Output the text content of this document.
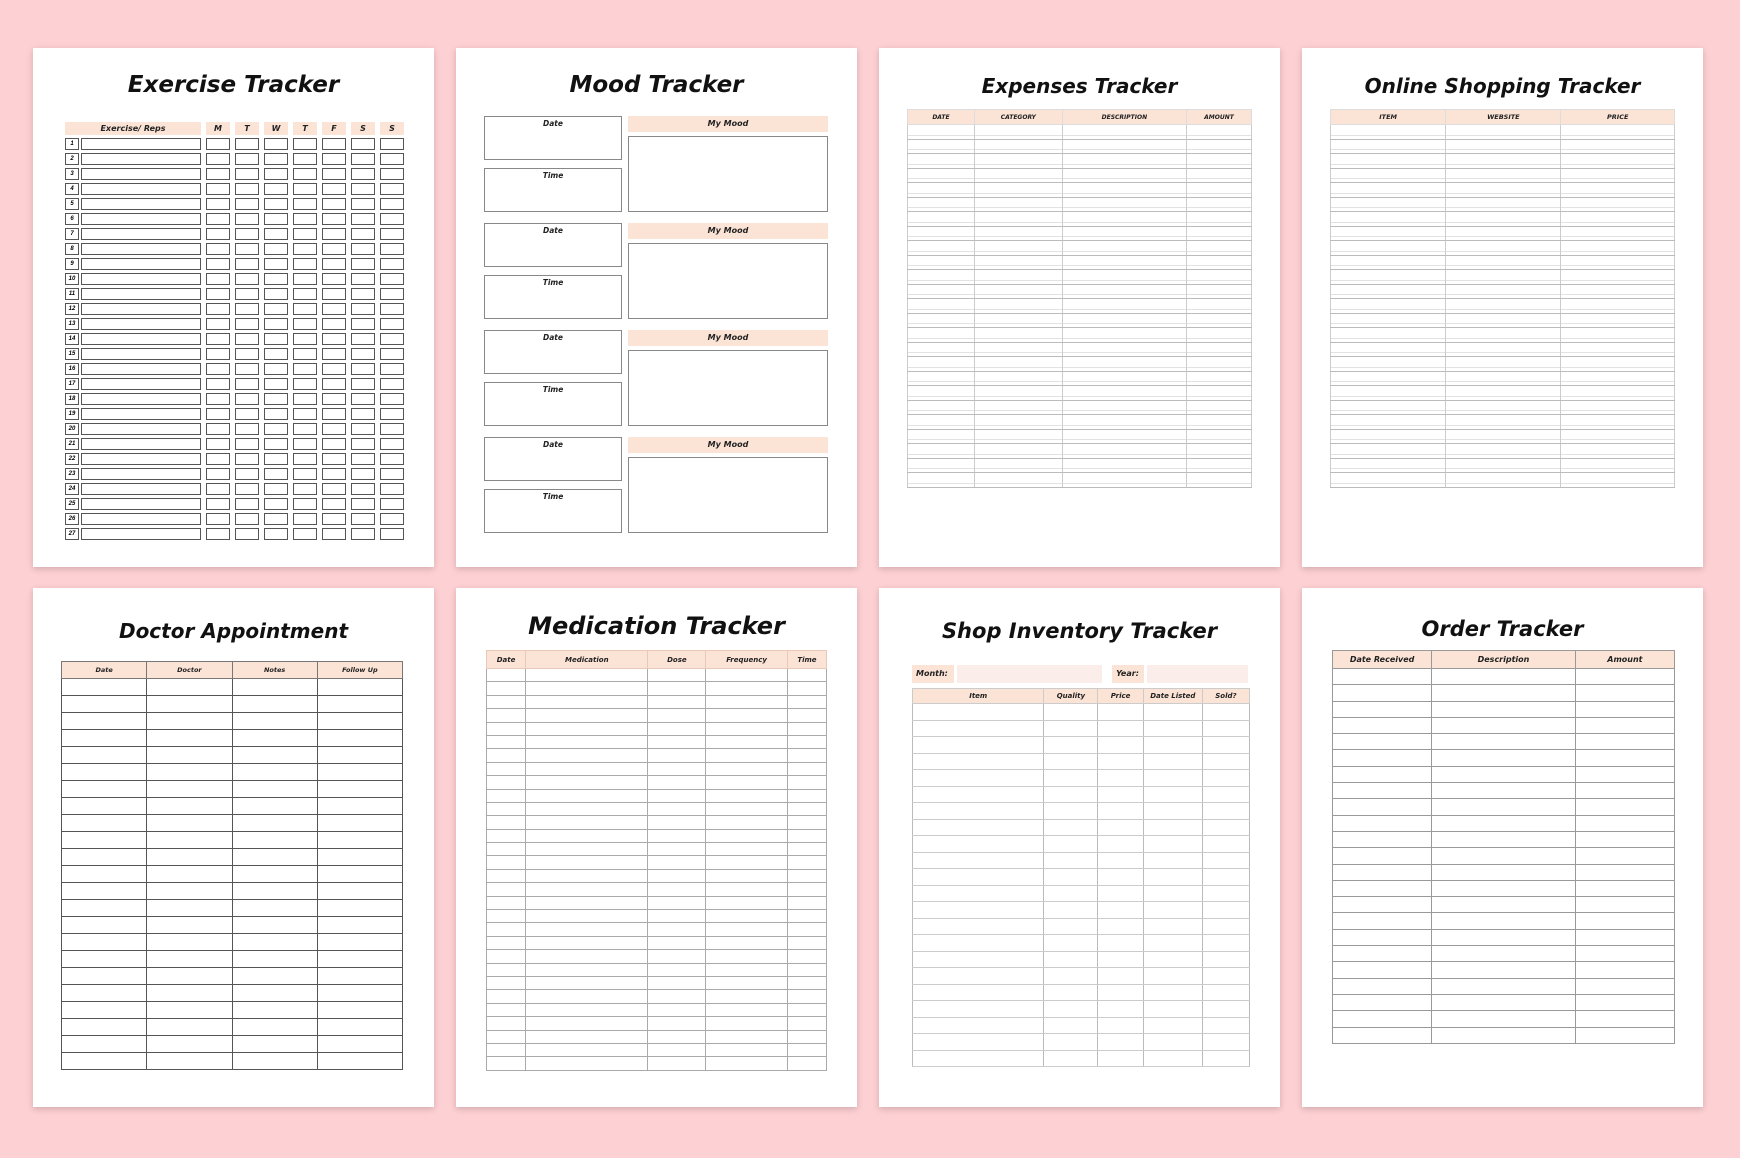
Exercise Tracker
Exercise/ Reps	M	T	W	T	F	S	S
1
2
3
4
5
6
7
8
9
10
11
12
13
14
15
16
17
18
19
20
21
22
23
24
25
26
27
Mood Tracker
Date
Time
My Mood
Date
Time
My Mood
Date
Time
My Mood
Date
Time
My Mood
Expenses Tracker
DATE	CATEGORY	DESCRIPTION	AMOUNT

Online Shopping Tracker
ITEM	WEBSITE	PRICE

Doctor Appointment
Date	Doctor	Notes	Follow Up

Medication Tracker
Date	Medication	Dose	Frequency	Time

Shop Inventory Tracker
Month:	Year:
Item	Quality	Price	Date Listed	Sold?

Order Tracker
Date Received	Description	Amount
